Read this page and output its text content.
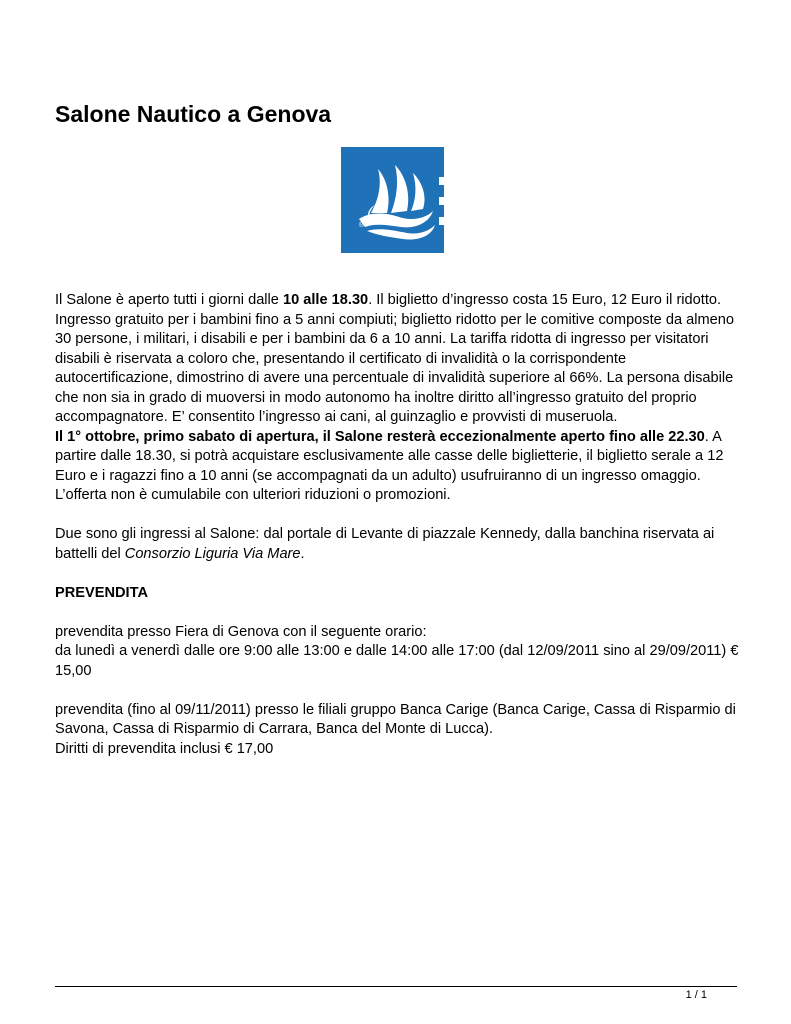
Salone Nautico a Genova
®

Il Salone è aperto tutti i giorni dalle 10 alle 18.30. Il biglietto d’ingresso costa 15 Euro, 12 Euro il ridotto. Ingresso gratuito per i bambini fino a 5 anni compiuti; biglietto ridotto per le comitive composte da almeno 30 persone, i militari, i disabili e per i bambini da 6 a 10 anni. La tariffa ridotta di ingresso per visitatori disabili è riservata a coloro che, presentando il certificato di invalidità o la corrispondente autocertificazione, dimostrino di avere una percentuale di invalidità superiore al 66%. La persona disabile che non sia in grado di muoversi in modo autonomo ha inoltre diritto all’ingresso gratuito del proprio accompagnatore. E’ consentito l’ingresso ai cani, al guinzaglio e provvisti di museruola.

Il 1° ottobre, primo sabato di apertura, il Salone resterà eccezionalmente aperto fino alle 22.30. A partire dalle 18.30, si potrà acquistare esclusivamente alle casse delle biglietterie, il biglietto serale a 12 Euro e i ragazzi fino a 10 anni (se accompagnati da un adulto) usufruiranno di un ingresso omaggio. L’offerta non è cumulabile con ulteriori riduzioni o promozioni.

Due sono gli ingressi al Salone: dal portale di Levante di piazzale Kennedy, dalla banchina riservata ai battelli del Consorzio Liguria Via Mare.

PREVENDITA

prevendita presso Fiera di Genova con il seguente orario:

da lunedì a venerdì dalle ore 9:00 alle 13:00 e dalle 14:00 alle 17:00 (dal 12/09/2011 sino al 29/09/2011) € 15,00

prevendita (fino al 09/11/2011) presso le filiali gruppo Banca Carige (Banca Carige, Cassa di Risparmio di Savona, Cassa di Risparmio di Carrara, Banca del Monte di Lucca).

Diritti di prevendita inclusi € 17,00

1 / 1
